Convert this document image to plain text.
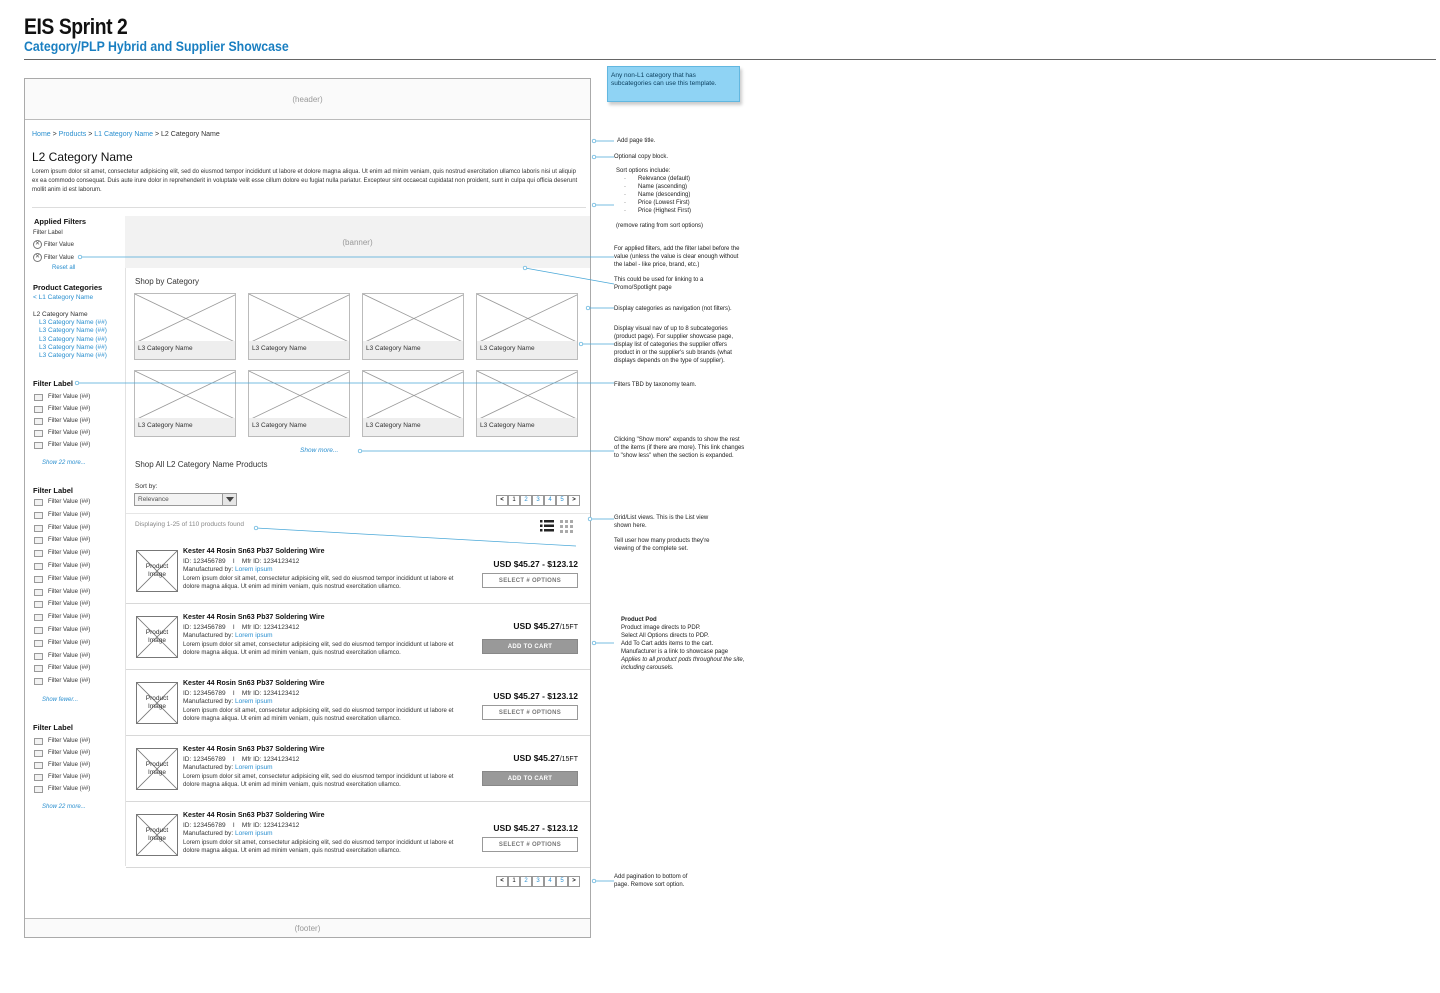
EIS Sprint 2
Category/PLP Hybrid and Supplier Showcase
(header)
(footer)
Home > Products > L1 Category Name > L2 Category Name
L2 Category Name
Lorem ipsum dolor sit amet, consectetur adipisicing elit, sed do eiusmod tempor incididunt ut labore et dolore magna aliqua. Ut enim ad minim veniam, quis nostrud exercitation ullamco laboris nisi ut aliquip ex ea commodo consequat. Duis aute irure dolor in reprehenderit in voluptate velit esse cillum dolore eu fugiat nulla pariatur. Excepteur sint occaecat cupidatat non proident, sunt in culpa qui officia deserunt mollit anim id est laborum.
Applied Filters
Filter Label
✕ Filter Value
✕ Filter Value
Reset all
Product Categories
< L1 Category Name
L2 Category Name
L3 Category Name (##)
L3 Category Name (##)
L3 Category Name (##)
L3 Category Name (##)
L3 Category Name (##)
Filter Label
Filter Value (##)
Filter Value (##)
Filter Value (##)
Filter Value (##)
Filter Value (##)
Show 22 more...
Filter Label
Filter Value (##)
Filter Value (##)
Filter Value (##)
Filter Value (##)
Filter Value (##)
Filter Value (##)
Filter Value (##)
Filter Value (##)
Filter Value (##)
Filter Value (##)
Filter Value (##)
Filter Value (##)
Filter Value (##)
Filter Value (##)
Filter Value (##)
Show fewer...
Filter Label
Filter Value (##)
Filter Value (##)
Filter Value (##)
Filter Value (##)
Filter Value (##)
Show 22 more...
(banner)
Shop by Category
L3 Category Name	L3 Category Name	L3 Category Name	L3 Category Name
L3 Category Name	L3 Category Name	L3 Category Name	L3 Category Name
Show more...
Shop All L2 Category Name Products
Sort by:
Relevance	<	1	2	3	4	5	>
Displaying 1-25 of 110 products found
Product Image
Kester 44 Rosin Sn63 Pb37 Soldering Wire
ID: 123456789    I    Mfr ID: 1234123412
Manufactured by: Lorem ipsum
Lorem ipsum dolor sit amet, consectetur adipisicing elit, sed do eiusmod tempor incididunt ut labore et dolore magna aliqua. Ut enim ad minim veniam, quis nostrud exercitation ullamco.
USD $45.27 - $123.12
SELECT # OPTIONS
Product Image
Kester 44 Rosin Sn63 Pb37 Soldering Wire
ID: 123456789    I    Mfr ID: 1234123412
Manufactured by: Lorem ipsum
Lorem ipsum dolor sit amet, consectetur adipisicing elit, sed do eiusmod tempor incididunt ut labore et dolore magna aliqua. Ut enim ad minim veniam, quis nostrud exercitation ullamco.
USD $45.27/15FT
ADD TO CART
Product Image
Kester 44 Rosin Sn63 Pb37 Soldering Wire
ID: 123456789    I    Mfr ID: 1234123412
Manufactured by: Lorem ipsum
Lorem ipsum dolor sit amet, consectetur adipisicing elit, sed do eiusmod tempor incididunt ut labore et dolore magna aliqua. Ut enim ad minim veniam, quis nostrud exercitation ullamco.
USD $45.27 - $123.12
SELECT # OPTIONS
Product Image
Kester 44 Rosin Sn63 Pb37 Soldering Wire
ID: 123456789    I    Mfr ID: 1234123412
Manufactured by: Lorem ipsum
Lorem ipsum dolor sit amet, consectetur adipisicing elit, sed do eiusmod tempor incididunt ut labore et dolore magna aliqua. Ut enim ad minim veniam, quis nostrud exercitation ullamco.
USD $45.27/15FT
ADD TO CART
Product Image
Kester 44 Rosin Sn63 Pb37 Soldering Wire
ID: 123456789    I    Mfr ID: 1234123412
Manufactured by: Lorem ipsum
Lorem ipsum dolor sit amet, consectetur adipisicing elit, sed do eiusmod tempor incididunt ut labore et dolore magna aliqua. Ut enim ad minim veniam, quis nostrud exercitation ullamco.
USD $45.27 - $123.12
SELECT # OPTIONS
<	1	2	3	4	5	>
Any non-L1 category that has subcategories can use this template.
Add page title.
Optional copy block.
Sort options include:
· Relevance (default)
· Name (ascending)
· Name (descending)
· Price (Lowest First)
· Price (Highest First)
(remove rating from sort options)
For applied filters, add the filter label before the value (unless the value is clear enough without the label - like price, brand, etc.)
This could be used for linking to a Promo/Spotlight page
Display categories as navigation (not filters).
Display visual nav of up to 8 subcategories (product page). For supplier showcase page, display list of categories the supplier offers product in or the supplier's sub brands (what displays depends on the type of supplier).
Filters TBD by taxonomy team.
Clicking "Show more" expands to show the rest of the items (if there are more). This link changes to "show less" when the section is expanded.
Grid/List views. This is the List view shown here.
Tell user how many products they're viewing of the complete set.
Product Pod
Product image directs to PDP.
Select All Options directs to PDP.
Add To Cart adds items to the cart.
Manufacturer is a link to showcase page
Applies to all product pods throughout the site, including carousels.
Add pagination to bottom of page. Remove sort option.
